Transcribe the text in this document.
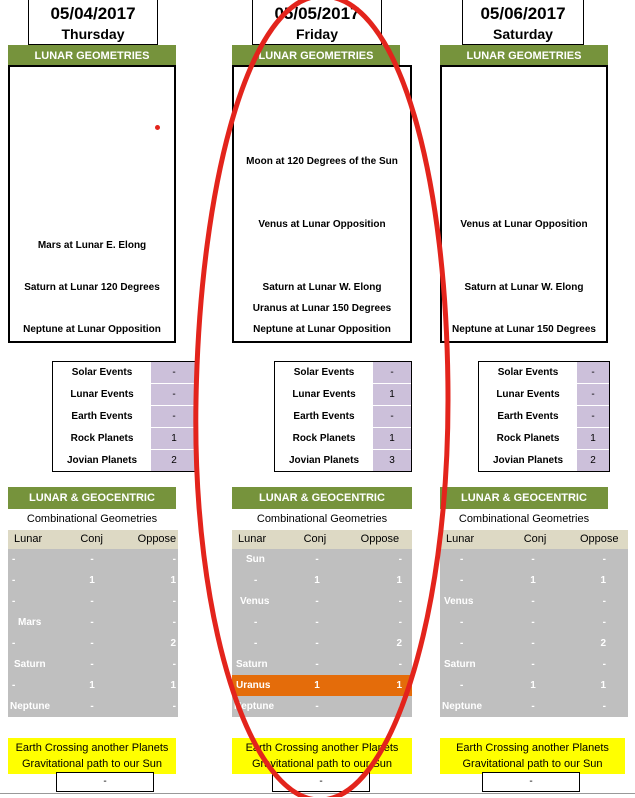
05/04/2017
Thursday
LUNAR GEOMETRIES
Mars at Lunar E. Elong
Saturn at Lunar 120 Degrees
Neptune at Lunar Opposition
Solar Events	-
Lunar Events	-
Earth Events	-
Rock Planets	1
Jovian Planets	2
LUNAR & GEOCENTRIC
Combinational Geometries
Lunar	Conj	Oppose
-	-	-
-	1	1
-	-	-
Mars	-	-
-	-	2
Saturn	-	-
-	1	1
Neptune	-	-
Earth Crossing another Planets
Gravitational path to our Sun
-
05/05/2017
Friday
LUNAR GEOMETRIES
Moon at 120 Degrees of the Sun
Venus at Lunar Opposition
Saturn at Lunar W. Elong
Uranus at Lunar 150 Degrees
Neptune at Lunar Opposition
Solar Events	-
Lunar Events	1
Earth Events	-
Rock Planets	1
Jovian Planets	3
LUNAR & GEOCENTRIC
Combinational Geometries
Lunar	Conj	Oppose
Sun	-	-
-	1	1
Venus	-	-
-	-	-
-	-	2
Saturn	-	-
Uranus	1	1
Neptune	-	-
Earth Crossing another Planets
Gravitational path to our Sun
-
05/06/2017
Saturday
LUNAR GEOMETRIES
Venus at Lunar Opposition
Saturn at Lunar W. Elong
Neptune at Lunar 150 Degrees
Solar Events	-
Lunar Events	-
Earth Events	-
Rock Planets	1
Jovian Planets	2
LUNAR & GEOCENTRIC
Combinational Geometries
Lunar	Conj	Oppose
-	-	-
-	1	1
Venus	-	-
-	-	-
-	-	2
Saturn	-	-
-	1	1
Neptune	-	-
Earth Crossing another Planets
Gravitational path to our Sun
-
